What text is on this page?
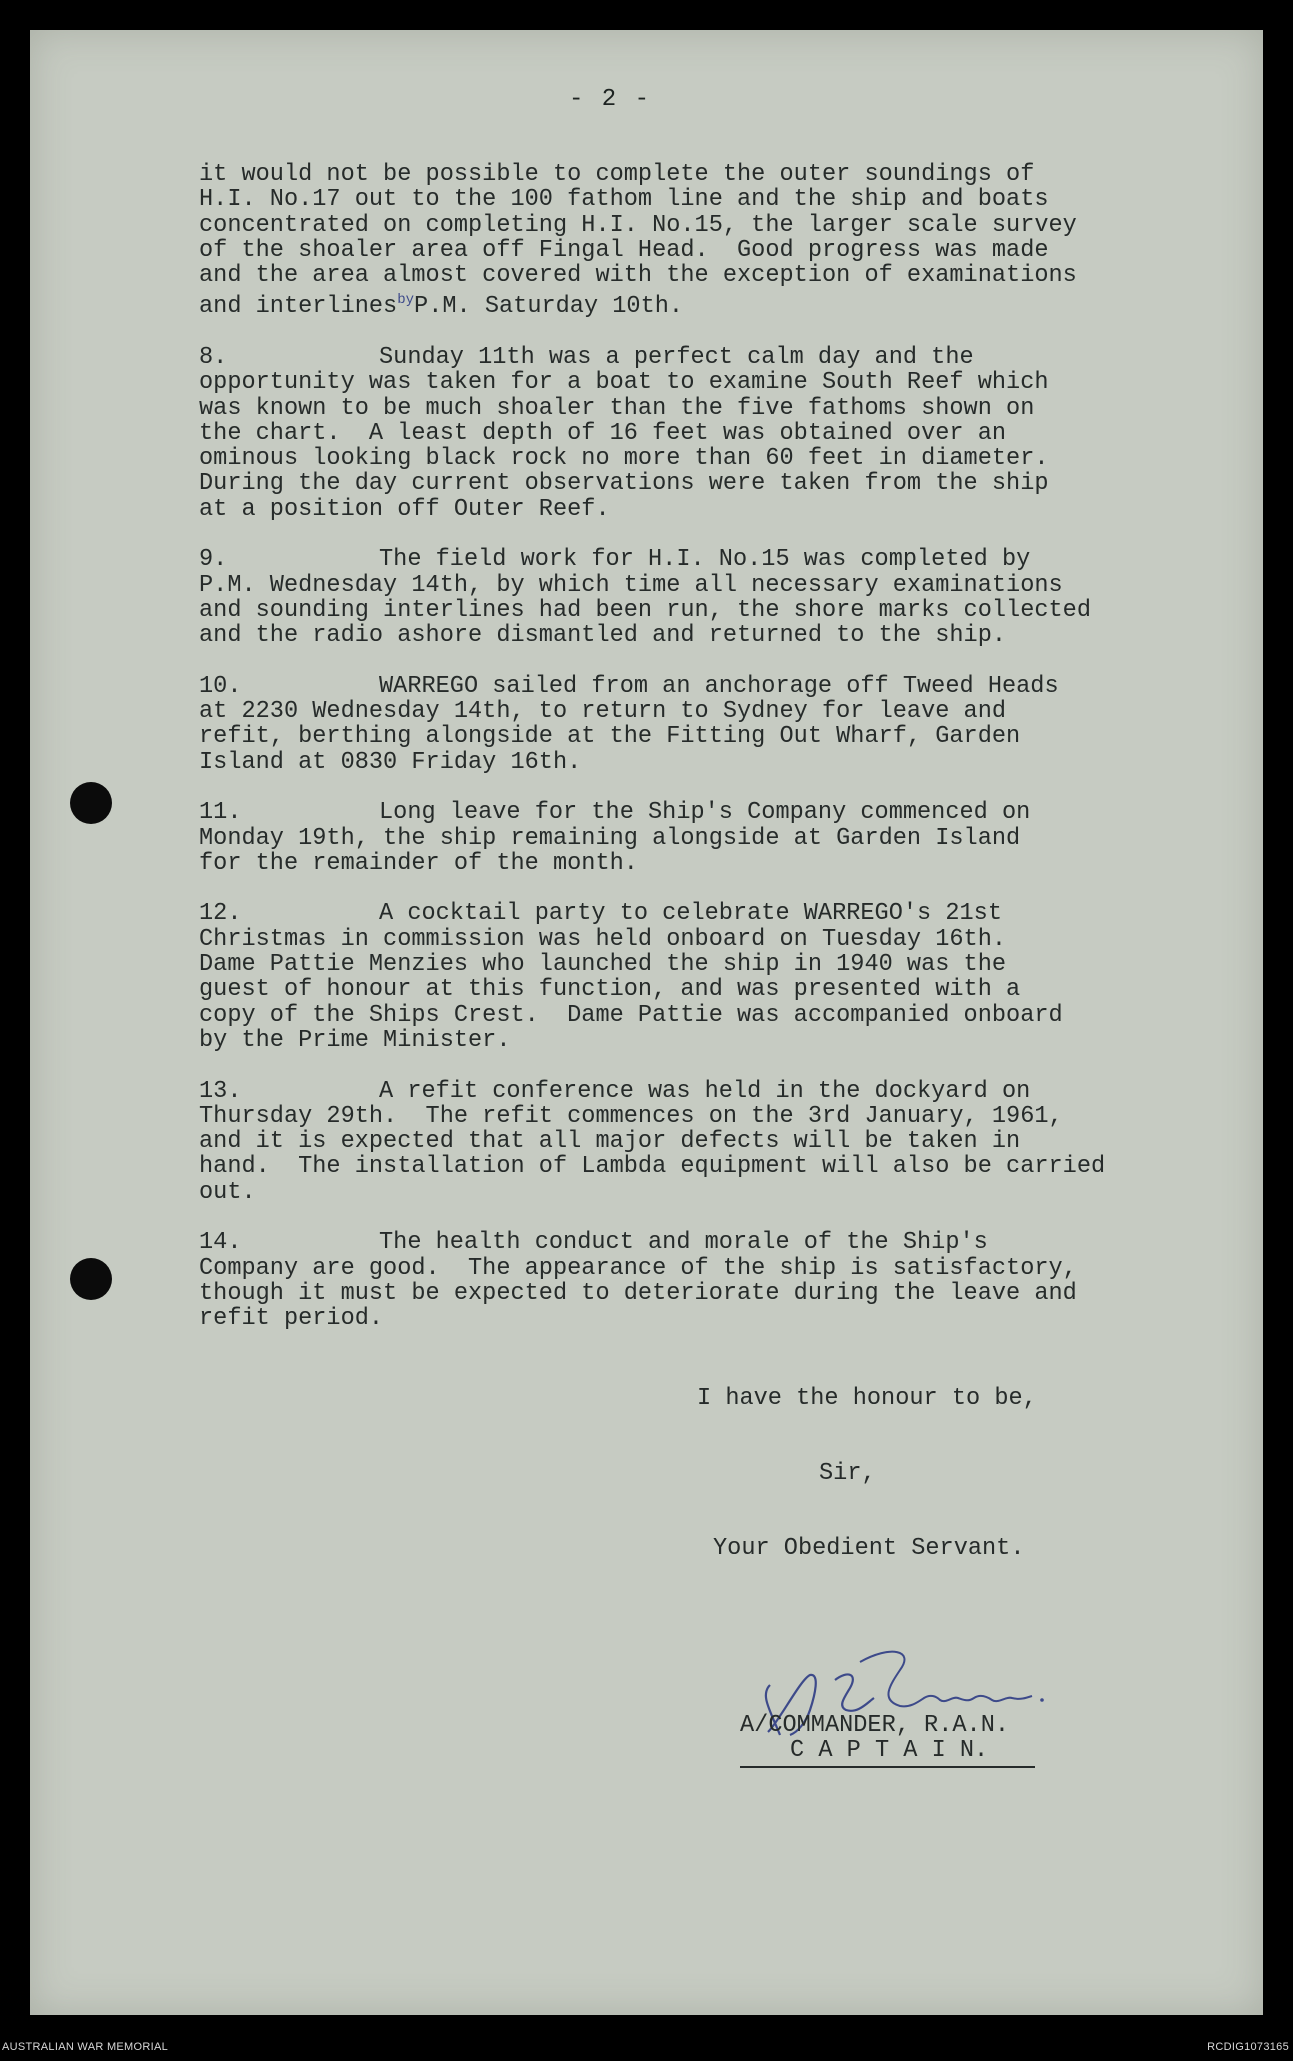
- 2 -
it would not be possible to complete the outer soundings of
H.I. No.17 out to the 100 fathom line and the ship and boats
concentrated on completing H.I. No.15, the larger scale survey
of the shoaler area off Fingal Head.  Good progress was made
and the area almost covered with the exception of examinations
and interlines$^{by}$P.M. Saturday 10th.
8.	Sunday 11th was a perfect calm day and the
opportunity was taken for a boat to examine South Reef which
was known to be much shoaler than the five fathoms shown on
the chart.  A least depth of 16 feet was obtained over an
ominous looking black rock no more than 60 feet in diameter.
During the day current observations were taken from the ship
at a position off Outer Reef.
9.	The field work for H.I. No.15 was completed by
P.M. Wednesday 14th, by which time all necessary examinations
and sounding interlines had been run, the shore marks collected
and the radio ashore dismantled and returned to the ship.
10.	WARREGO sailed from an anchorage off Tweed Heads
at 2230 Wednesday 14th, to return to Sydney for leave and
refit, berthing alongside at the Fitting Out Wharf, Garden
Island at 0830 Friday 16th.
11.	Long leave for the Ship's Company commenced on
Monday 19th, the ship remaining alongside at Garden Island
for the remainder of the month.
12.	A cocktail party to celebrate WARREGO's 21st
Christmas in commission was held onboard on Tuesday 16th.
Dame Pattie Menzies who launched the ship in 1940 was the
guest of honour at this function, and was presented with a
copy of the Ships Crest.  Dame Pattie was accompanied onboard
by the Prime Minister.
13.	A refit conference was held in the dockyard on
Thursday 29th.  The refit commences on the 3rd January, 1961,
and it is expected that all major defects will be taken in
hand.  The installation of Lambda equipment will also be carried
out.
14.	The health conduct and morale of the Ship's
Company are good.  The appearance of the ship is satisfactory,
though it must be expected to deteriorate during the leave and
refit period.
I have the honour to be,
Sir,
Your Obedient Servant.
A/COMMANDER, R.A.N.
C A P T A I N.
AUSTRALIAN WAR MEMORIAL	RCDIG1073165
